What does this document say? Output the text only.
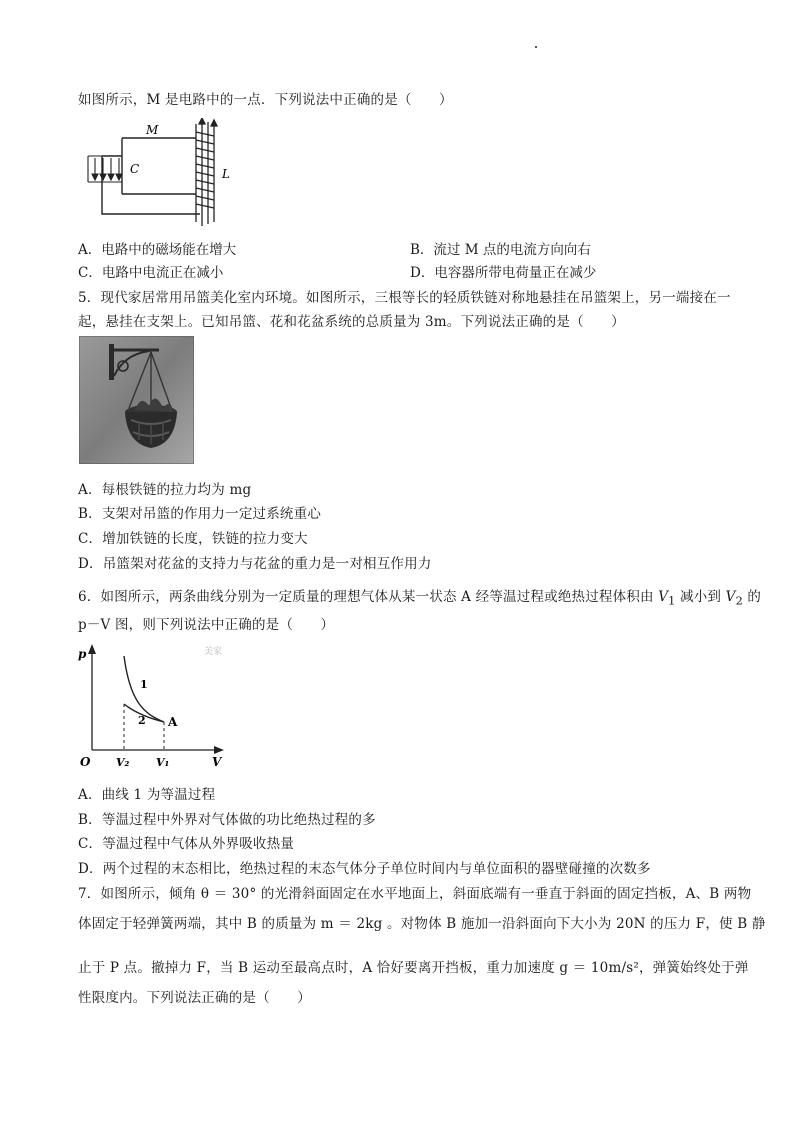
如图所示，M 是电路中的一点．下列说法中正确的是（　　）
M
C	L
A．电路中的磁场能在增大	B．流过 M 点的电流方向向右
C．电路中电流正在减小	D．电容器所带电荷量正在减少
5．现代家居常用吊篮美化室内环境。如图所示，三根等长的轻质铁链对称地悬挂在吊篮架上，另一端接在一
起，悬挂在支架上。已知吊篮、花和花盆系统的总质量为 3m。下列说法正确的是（　　）
A．每根铁链的拉力均为 mg
B．支架对吊篮的作用力一定过系统重心
C．增加铁链的长度，铁链的拉力变大
D．吊篮架对花盆的支持力与花盆的重力是一对相互作用力
6．如图所示，两条曲线分别为一定质量的理想气体从某一状态 A 经等温过程或绝热过程体积由 $V_1$ 减小到 $V_2$ 的
p－V 图，则下列说法中正确的是（　　）
美家
p
V
O
A
1
2
V₂ V₁
A．曲线 1 为等温过程
B．等温过程中外界对气体做的功比绝热过程的多
C．等温过程中气体从外界吸收热量
D．两个过程的末态相比，绝热过程的末态气体分子单位时间内与单位面积的器壁碰撞的次数多
7．如图所示，倾角 θ ＝ 30° 的光滑斜面固定在水平地面上，斜面底端有一垂直于斜面的固定挡板，A、B 两物
体固定于轻弹簧两端，其中 B 的质量为 m ＝ 2kg 。对物体 B 施加一沿斜面向下大小为 20N 的压力 F，使 B 静
止于 P 点。撤掉力 F，当 B 运动至最高点时，A 恰好要离开挡板，重力加速度 g ＝ 10m/s²，弹簧始终处于弹
性限度内。下列说法正确的是（　　）
